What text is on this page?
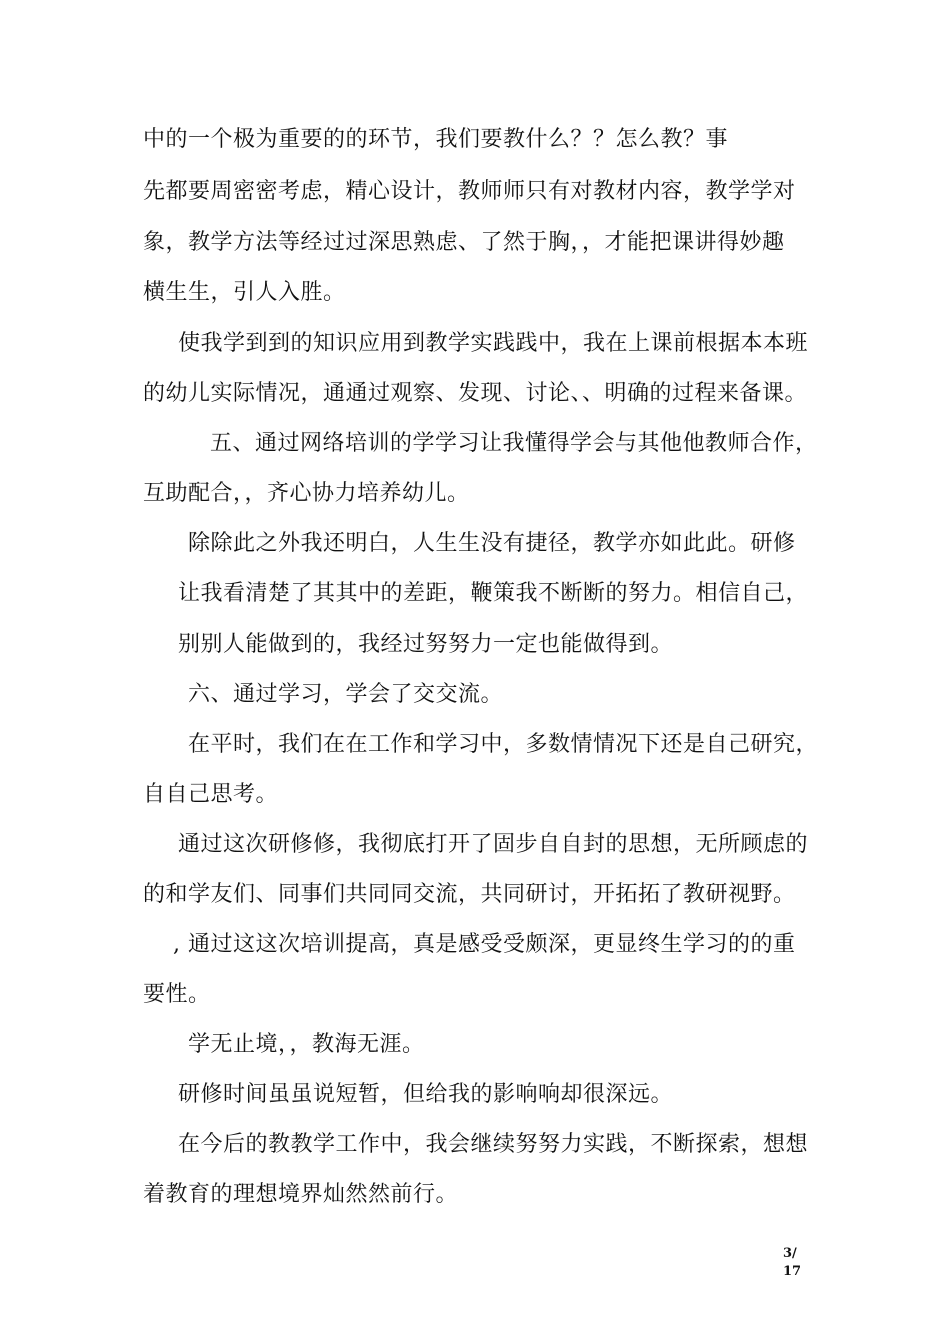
中的一个极为重要的的环节，我们要教什么？？怎么教？事
先都要周密密考虑，精心设计，教师师只有对教材内容，教学学对
象，教学方法等经过过深思熟虑、了然于胸，，才能把课讲得妙趣
横生生，引人入胜。
使我学到到的知识应用到教学实践践中，我在上课前根据本本班
的幼儿实际情况，通通过观察、发现、讨论、、明确的过程来备课。
五、通过网络培训的学学习让我懂得学会与其他他教师合作，
互助配合，，齐心协力培养幼儿。
除除此之外我还明白，人生生没有捷径，教学亦如此此。研修
让我看清楚了其其中的差距，鞭策我不断断的努力。相信自己，
别别人能做到的，我经过努努力一定也能做得到。
六、通过学习，学会了交交流。
在平时，我们在在工作和学习中，多数情情况下还是自己研究，
自自己思考。
通过这次研修修，我彻底打开了固步自自封的思想，无所顾虑的
的和学友们、同事们共同同交流，共同研讨，开拓拓了教研视野。
, 通过这这次培训提高，真是感受受颇深，更显终生学习的的重
要性。
学无止境，，教海无涯。
研修时间虽虽说短暂，但给我的影响响却很深远。
在今后的教教学工作中，我会继续努努力实践，不断探索，想想
着教育的理想境界灿然然前行。
3/17
